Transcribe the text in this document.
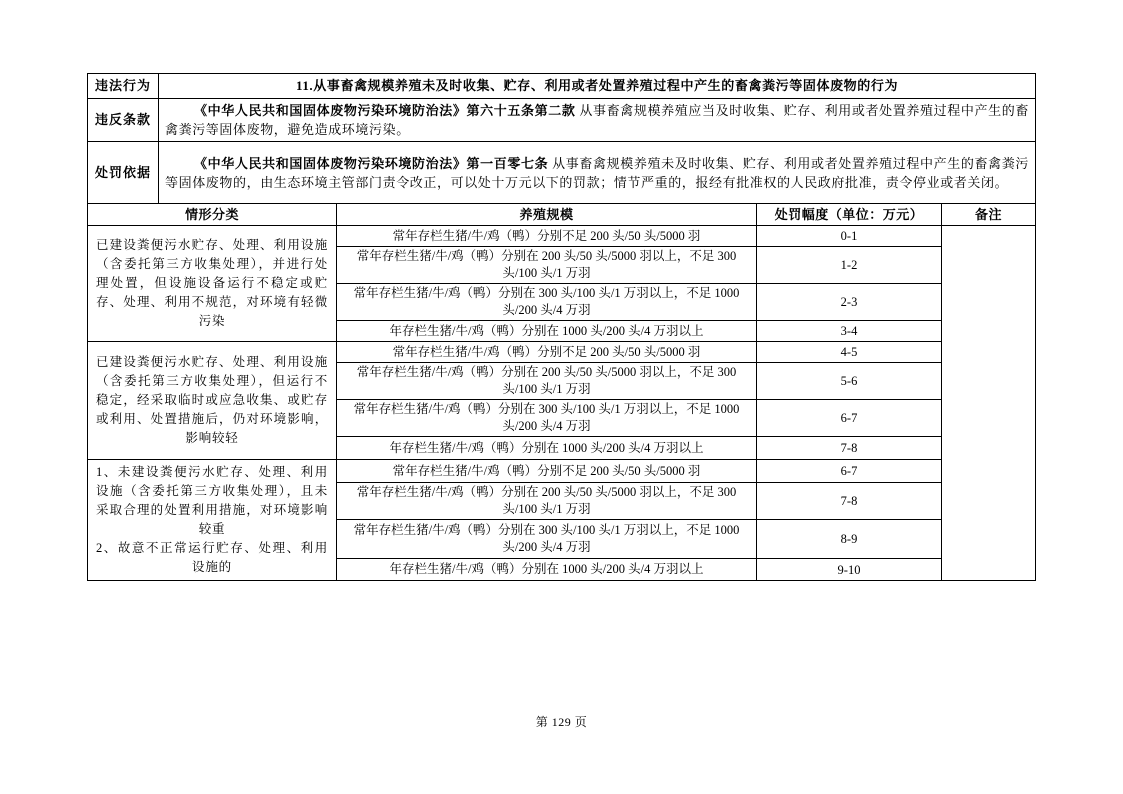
违法行为	11.从事畜禽规模养殖未及时收集、贮存、利用或者处置养殖过程中产生的畜禽粪污等固体废物的行为			
违反条款	《中华人民共和国固体废物污染环境防治法》第六十五条第二款 从事畜禽规模养殖应当及时收集、贮存、利用或者处置养殖过程中产生的畜禽粪污等固体废物，避免造成环境污染。			
处罚依据	《中华人民共和国固体废物污染环境防治法》第一百零七条 从事畜禽规模养殖未及时收集、贮存、利用或者处置养殖过程中产生的畜禽粪污等固体废物的，由生态环境主管部门责令改正，可以处十万元以下的罚款；情节严重的，报经有批准权的人民政府批准，责令停业或者关闭。			
情形分类		养殖规模	处罚幅度（单位：万元）	备注

已建设粪便污水贮存、处理、利用设施（含委托第三方收集处理），并进行处理处置，但设施设备运行不稳定或贮存、处理、利用不规范，对环境有轻微污染		常年存栏生猪/牛/鸡（鸭）分别不足 200 头/50 头/5000 羽	0-1	
		常年存栏生猪/牛/鸡（鸭）分别在 200 头/50 头/5000 羽以上，不足 300 头/100 头/1 万羽	1-2	
		常年存栏生猪/牛/鸡（鸭）分别在 300 头/100 头/1 万羽以上，不足 1000 头/200 头/4 万羽	2-3	
		年存栏生猪/牛/鸡（鸭）分别在 1000 头/200 头/4 万羽以上	3-4	

已建设粪便污水贮存、处理、利用设施（含委托第三方收集处理），但运行不稳定，经采取临时或应急收集、或贮存或利用、处置措施后，仍对环境影响，影响较轻		常年存栏生猪/牛/鸡（鸭）分别不足 200 头/50 头/5000 羽	4-5	
		常年存栏生猪/牛/鸡（鸭）分别在 200 头/50 头/5000 羽以上，不足 300 头/100 头/1 万羽	5-6	
		常年存栏生猪/牛/鸡（鸭）分别在 300 头/100 头/1 万羽以上，不足 1000 头/200 头/4 万羽	6-7	
		年存栏生猪/牛/鸡（鸭）分别在 1000 头/200 头/4 万羽以上	7-8	

1、未建设粪便污水贮存、处理、利用设施（含委托第三方收集处理），且未采取合理的处置利用措施，对环境影响较重
2、故意不正常运行贮存、处理、利用设施的		常年存栏生猪/牛/鸡（鸭）分别不足 200 头/50 头/5000 羽	6-7	
		常年存栏生猪/牛/鸡（鸭）分别在 200 头/50 头/5000 羽以上，不足 300 头/100 头/1 万羽	7-8	
		常年存栏生猪/牛/鸡（鸭）分别在 300 头/100 头/1 万羽以上，不足 1000 头/200 头/4 万羽	8-9	
		年存栏生猪/牛/鸡（鸭）分别在 1000 头/200 头/4 万羽以上	9-10	
第 129 页
